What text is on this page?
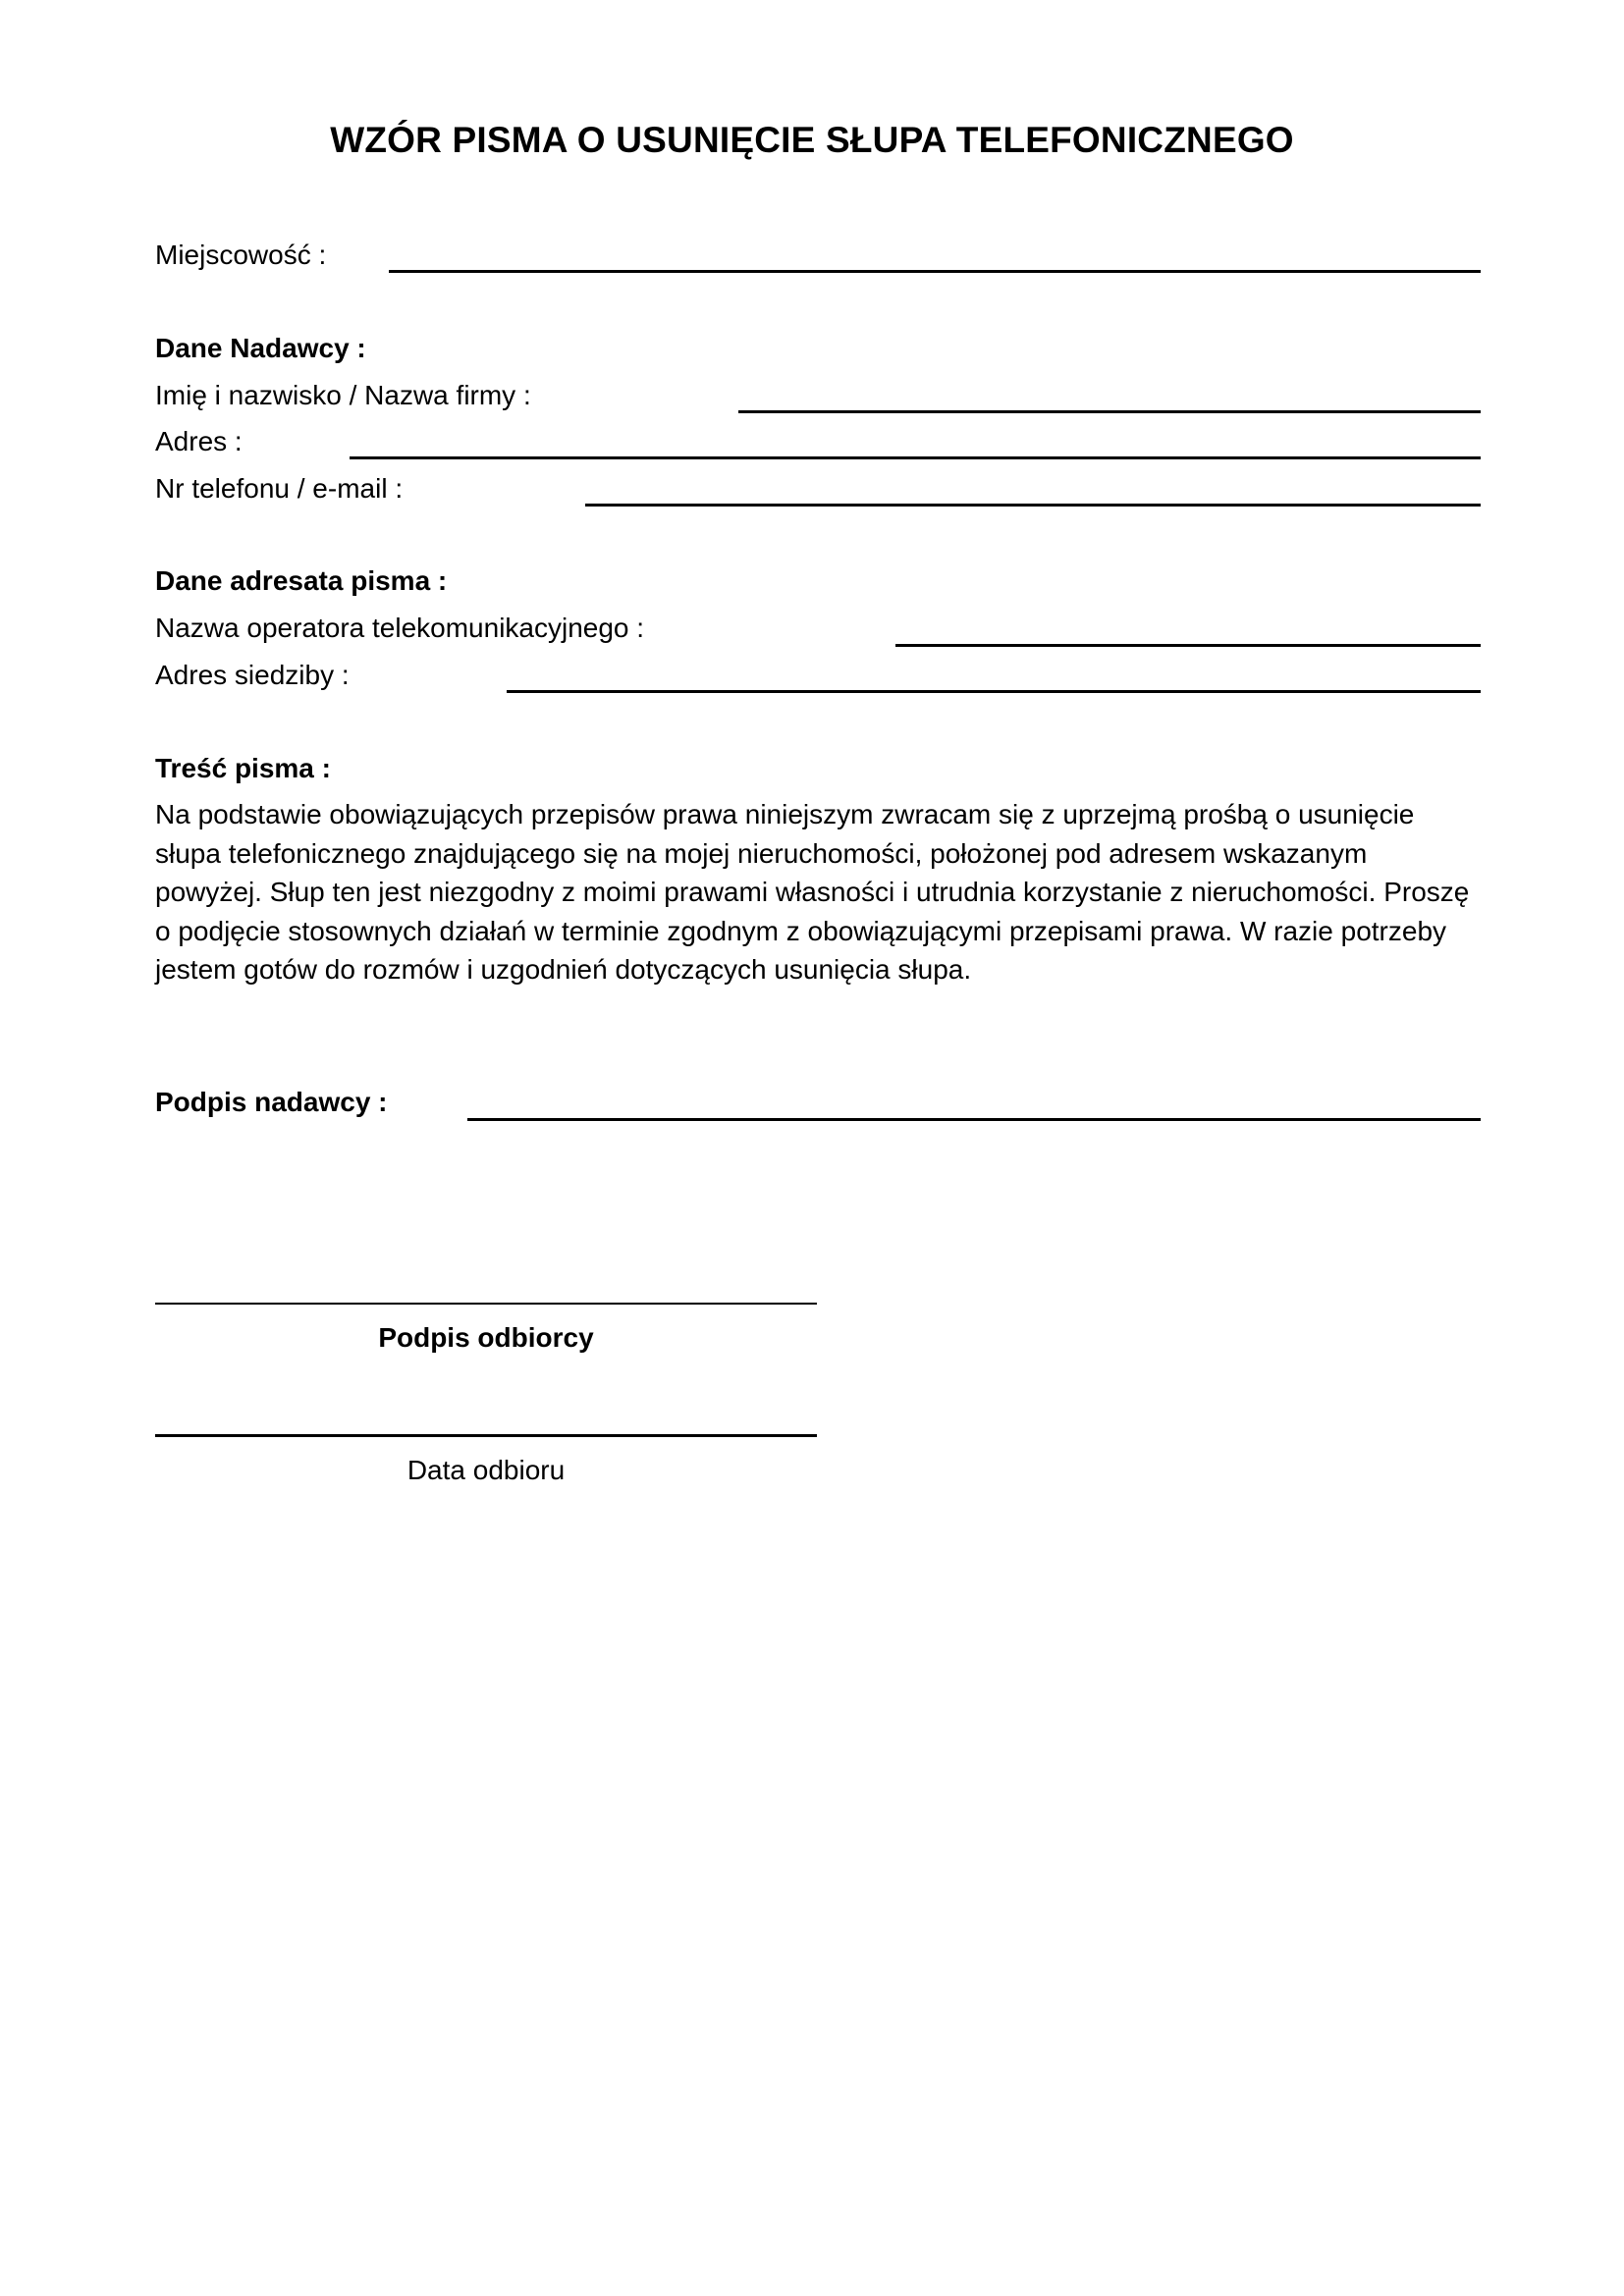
WZÓR PISMA O USUNIĘCIE SŁUPA TELEFONICZNEGO
Miejscowość :
Dane Nadawcy :
Imię i nazwisko / Nazwa firmy :
Adres :
Nr telefonu / e-mail :
Dane adresata pisma :
Nazwa operatora telekomunikacyjnego :
Adres siedziby :
Treść pisma :
Na podstawie obowiązujących przepisów prawa niniejszym zwracam się z uprzejmą prośbą o usunięcie słupa telefonicznego znajdującego się na mojej nieruchomości, położonej pod adresem wskazanym powyżej. Słup ten jest niezgodny z moimi prawami własności i utrudnia korzystanie z nieruchomości. Proszę o podjęcie stosownych działań w terminie zgodnym z obowiązującymi przepisami prawa. W razie potrzeby jestem gotów do rozmów i uzgodnień dotyczących usunięcia słupa.
Podpis nadawcy :
Podpis odbiorcy
Data odbioru
